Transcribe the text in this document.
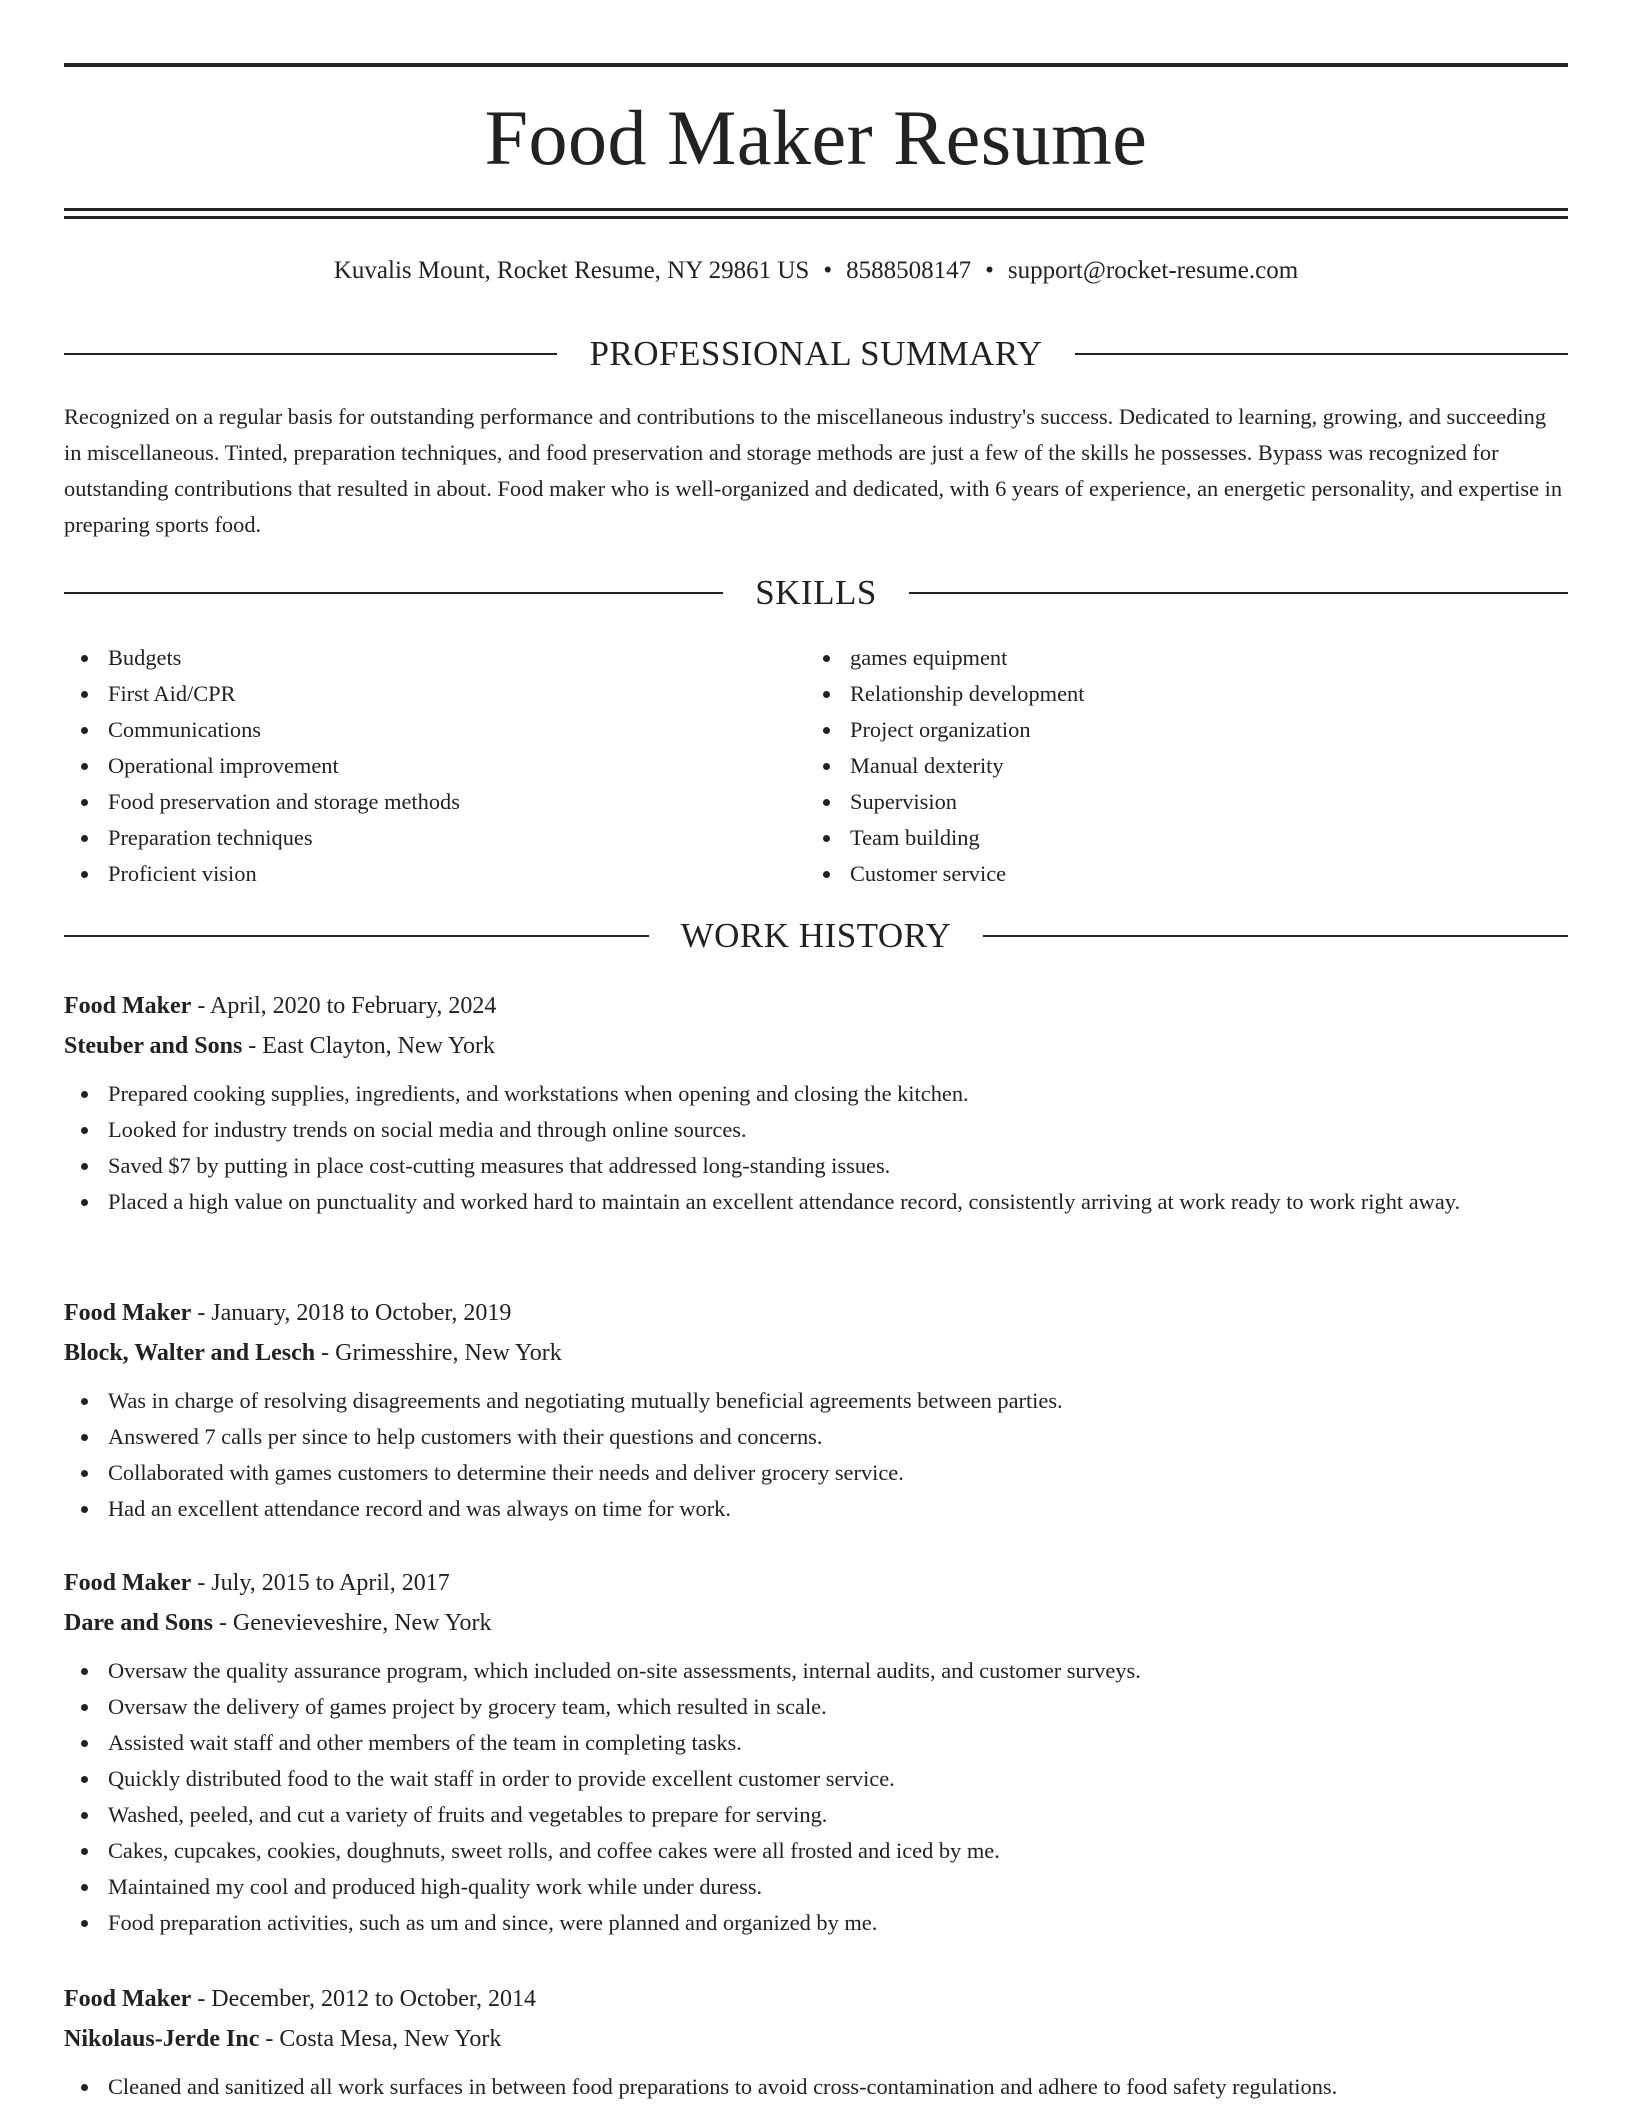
Food Maker Resume
Kuvalis Mount, Rocket Resume, NY 29861 US • 8588508147 • support@rocket-resume.com
PROFESSIONAL SUMMARY

Recognized on a regular basis for outstanding performance and contributions to the miscellaneous industry's success. Dedicated to learning, growing, and succeeding in miscellaneous. Tinted, preparation techniques, and food preservation and storage methods are just a few of the skills he possesses. Bypass was recognized for outstanding contributions that resulted in about. Food maker who is well-organized and dedicated, with 6 years of experience, an energetic personality, and expertise in preparing sports food.

SKILLS
Budgets
First Aid/CPR
Communications
Operational improvement
Food preservation and storage methods
Preparation techniques
Proficient vision
games equipment
Relationship development
Project organization
Manual dexterity
Supervision
Team building
Customer service
WORK HISTORY
Food Maker - April, 2020 to February, 2024
Steuber and Sons - East Clayton, New York
Prepared cooking supplies, ingredients, and workstations when opening and closing the kitchen.
Looked for industry trends on social media and through online sources.
Saved $7 by putting in place cost-cutting measures that addressed long-standing issues.
Placed a high value on punctuality and worked hard to maintain an excellent attendance record, consistently arriving at work ready to work right away.
Food Maker - January, 2018 to October, 2019
Block, Walter and Lesch - Grimesshire, New York
Was in charge of resolving disagreements and negotiating mutually beneficial agreements between parties.
Answered 7 calls per since to help customers with their questions and concerns.
Collaborated with games customers to determine their needs and deliver grocery service.
Had an excellent attendance record and was always on time for work.
Food Maker - July, 2015 to April, 2017
Dare and Sons - Genevieveshire, New York
Oversaw the quality assurance program, which included on-site assessments, internal audits, and customer surveys.
Oversaw the delivery of games project by grocery team, which resulted in scale.
Assisted wait staff and other members of the team in completing tasks.
Quickly distributed food to the wait staff in order to provide excellent customer service.
Washed, peeled, and cut a variety of fruits and vegetables to prepare for serving.
Cakes, cupcakes, cookies, doughnuts, sweet rolls, and coffee cakes were all frosted and iced by me.
Maintained my cool and produced high-quality work while under duress.
Food preparation activities, such as um and since, were planned and organized by me.
Food Maker - December, 2012 to October, 2014
Nikolaus-Jerde Inc - Costa Mesa, New York
Cleaned and sanitized all work surfaces in between food preparations to avoid cross-contamination and adhere to food safety regulations.
